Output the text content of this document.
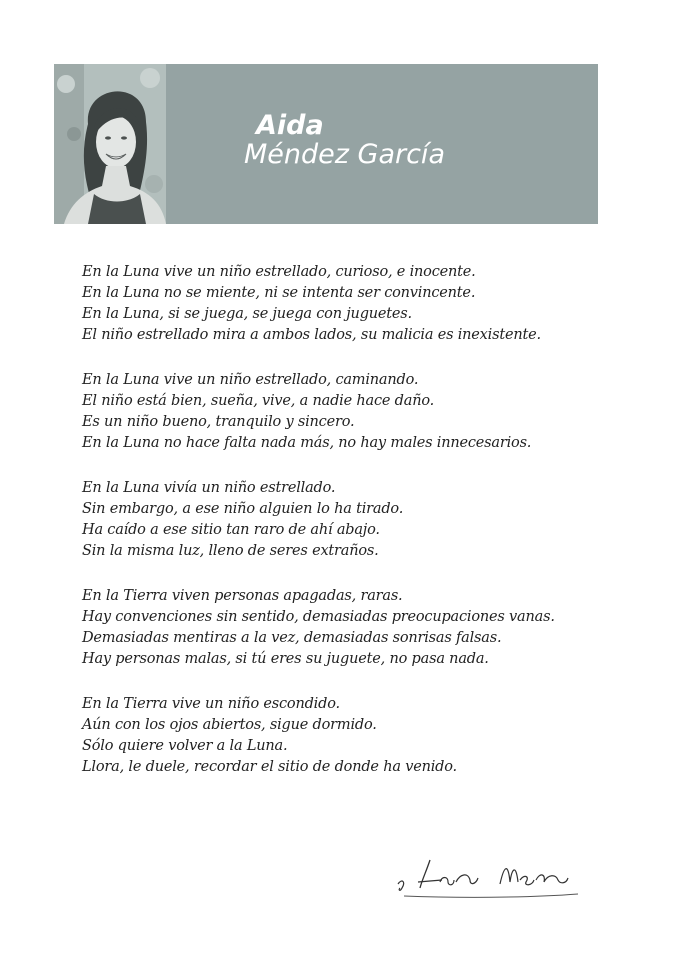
Aida
Méndez García
En la Luna vive un niño estrellado, curioso, e inocente.
En la Luna no se miente, ni se intenta ser convincente.
En la Luna, si se juega, se juega con juguetes.
El niño estrellado mira a ambos lados, su malicia es inexistente.
En la Luna vive un niño estrellado, caminando.
El niño está bien, sueña, vive, a nadie hace daño.
Es un niño bueno, tranquilo y sincero.
En la Luna no hace falta nada más, no hay males innecesarios.
En la Luna vivía un niño estrellado.
Sin embargo, a ese niño alguien lo ha tirado.
Ha caído a ese sitio tan raro de ahí abajo.
Sin la misma luz, lleno de seres extraños.
En la Tierra viven personas apagadas, raras.
Hay convenciones sin sentido, demasiadas preocupaciones vanas.
Demasiadas mentiras a la vez, demasiadas sonrisas falsas.
Hay personas malas, si tú eres su juguete, no pasa nada.
En la Tierra vive un niño escondido.
Aún con los ojos abiertos, sigue dormido.
Sólo quiere volver a la Luna.
Llora, le duele, recordar el sitio de donde ha venido.
